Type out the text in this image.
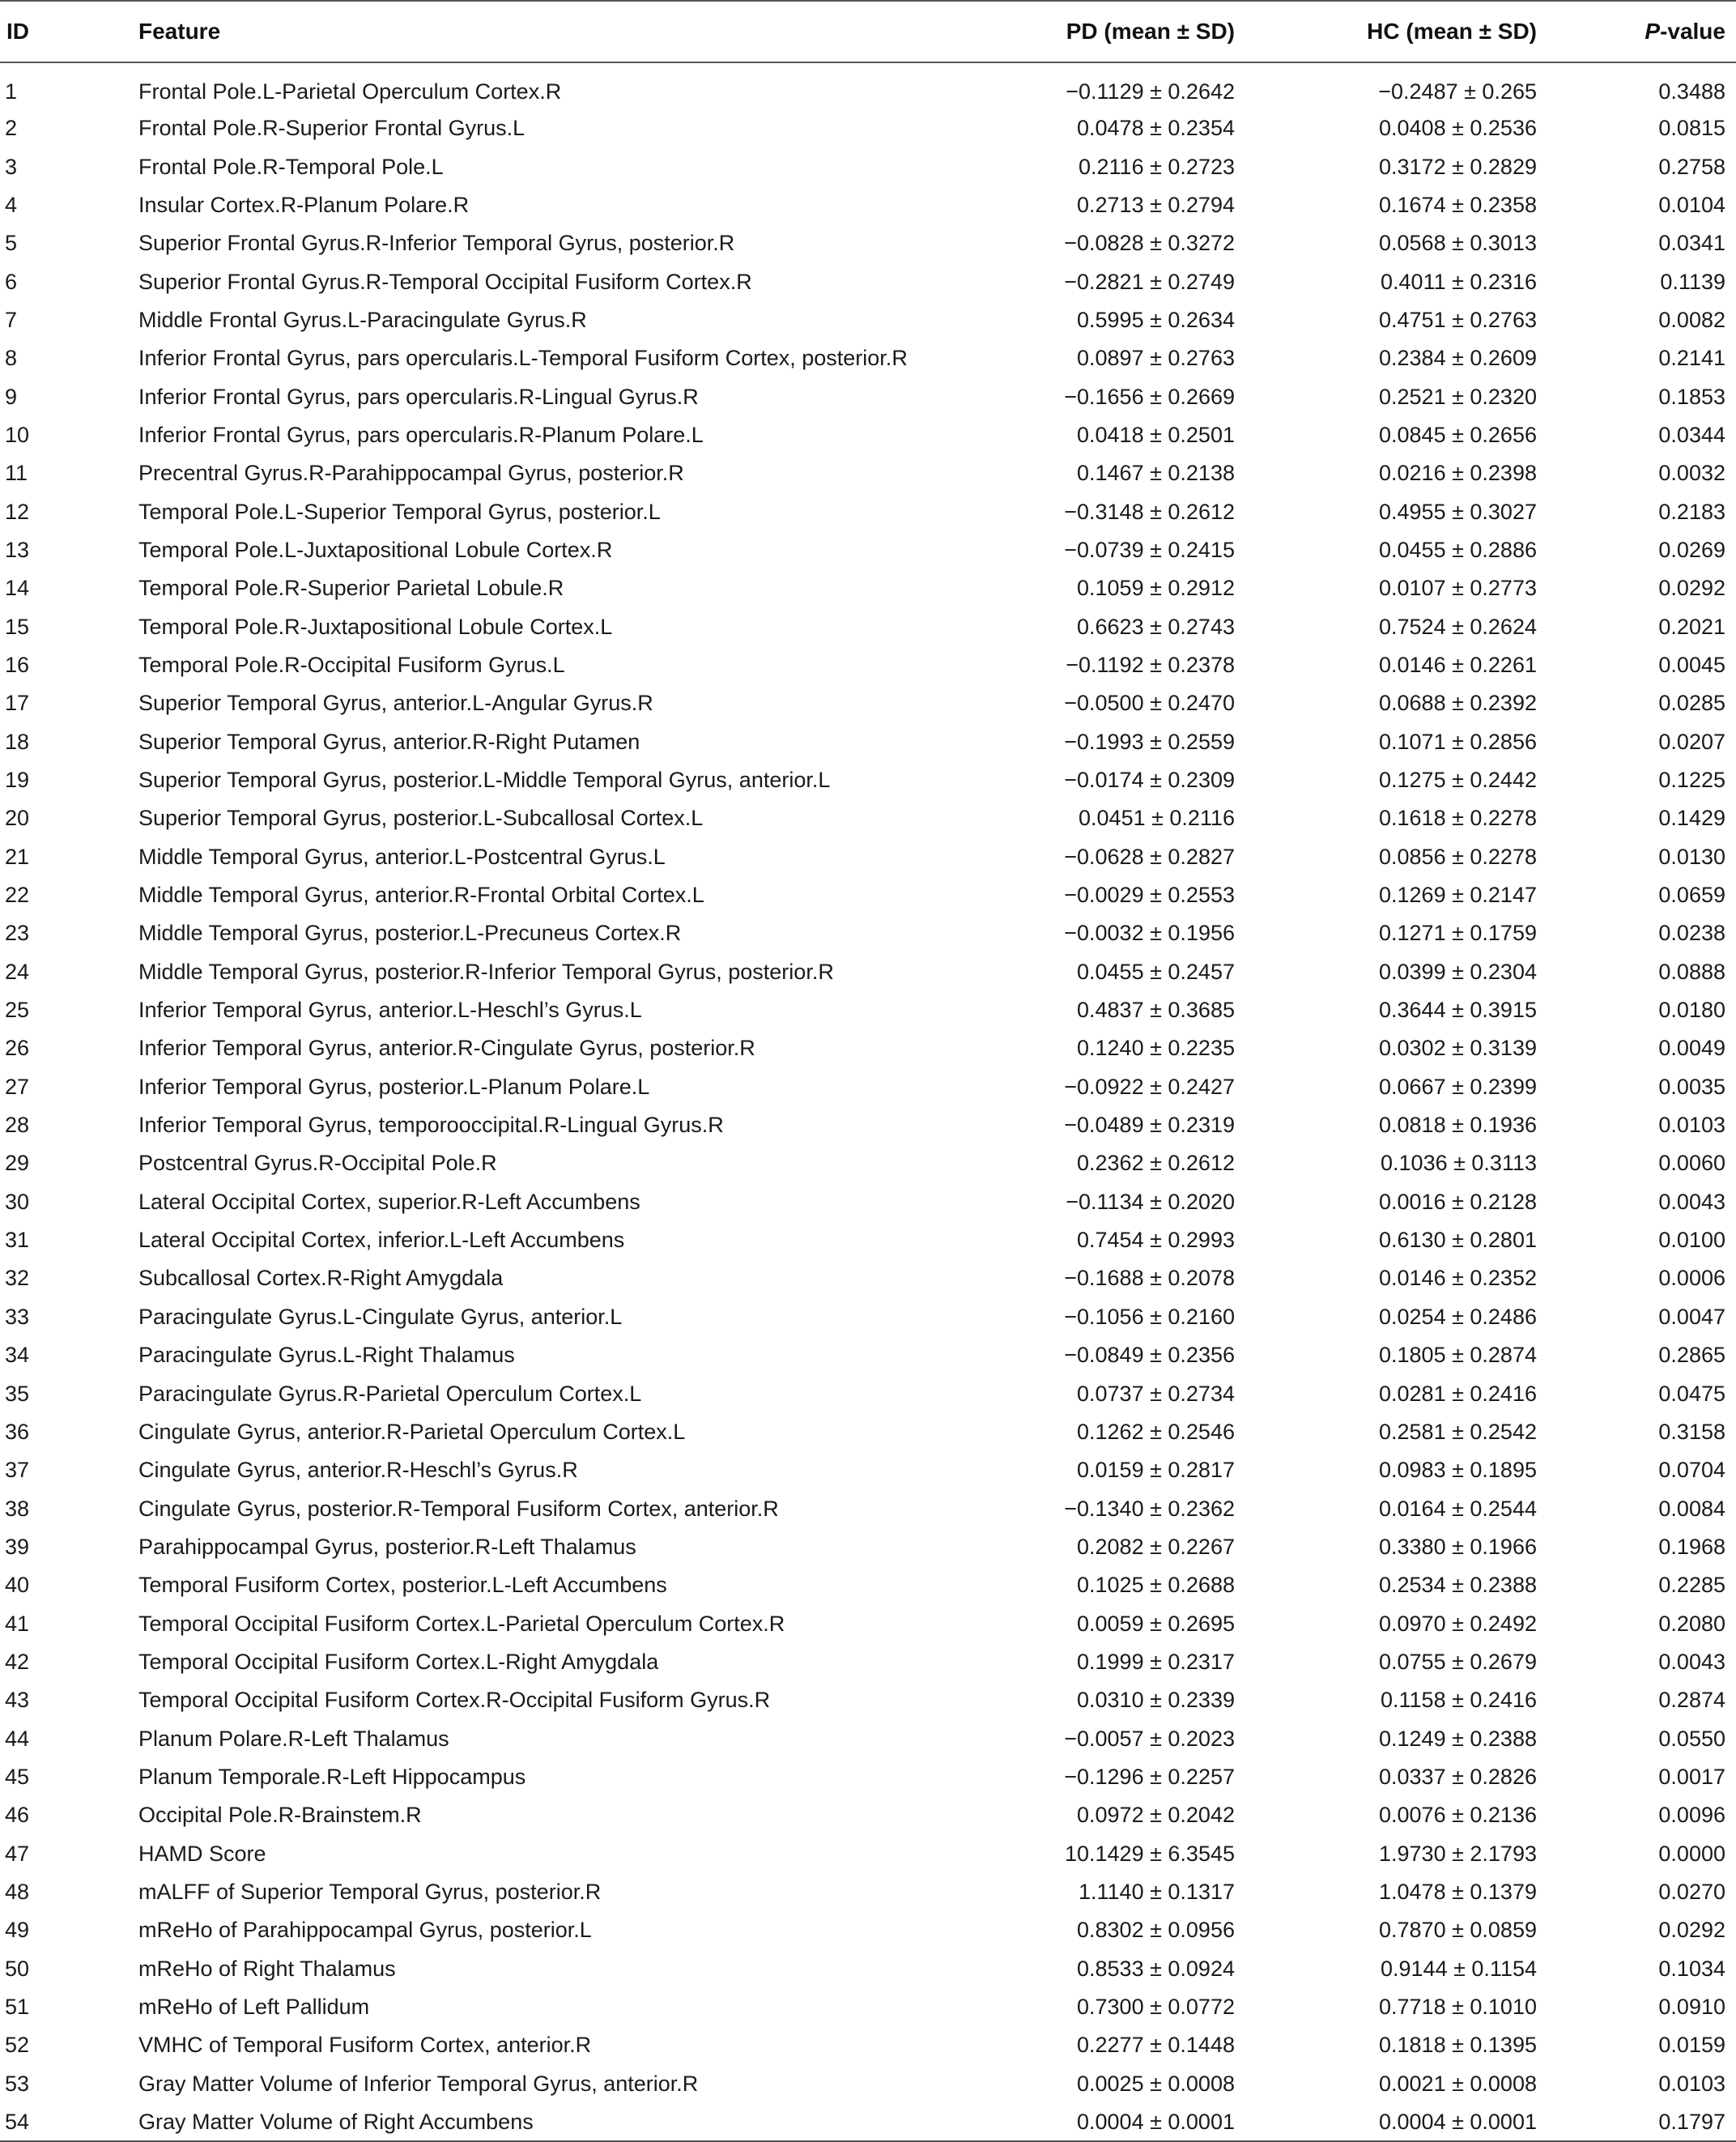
ID	Feature	PD (mean ± SD)	HC (mean ± SD)	P-value
1	Frontal Pole.L-Parietal Operculum Cortex.R	−0.1129 ± 0.2642	−0.2487 ± 0.265	0.3488
2	Frontal Pole.R-Superior Frontal Gyrus.L	0.0478 ± 0.2354	0.0408 ± 0.2536	0.0815
3	Frontal Pole.R-Temporal Pole.L	0.2116 ± 0.2723	0.3172 ± 0.2829	0.2758
4	Insular Cortex.R-Planum Polare.R	0.2713 ± 0.2794	0.1674 ± 0.2358	0.0104
5	Superior Frontal Gyrus.R-Inferior Temporal Gyrus, posterior.R	−0.0828 ± 0.3272	0.0568 ± 0.3013	0.0341
6	Superior Frontal Gyrus.R-Temporal Occipital Fusiform Cortex.R	−0.2821 ± 0.2749	0.4011 ± 0.2316	0.1139
7	Middle Frontal Gyrus.L-Paracingulate Gyrus.R	0.5995 ± 0.2634	0.4751 ± 0.2763	0.0082
8	Inferior Frontal Gyrus, pars opercularis.L-Temporal Fusiform Cortex, posterior.R	0.0897 ± 0.2763	0.2384 ± 0.2609	0.2141
9	Inferior Frontal Gyrus, pars opercularis.R-Lingual Gyrus.R	−0.1656 ± 0.2669	0.2521 ± 0.2320	0.1853
10	Inferior Frontal Gyrus, pars opercularis.R-Planum Polare.L	0.0418 ± 0.2501	0.0845 ± 0.2656	0.0344
11	Precentral Gyrus.R-Parahippocampal Gyrus, posterior.R	0.1467 ± 0.2138	0.0216 ± 0.2398	0.0032
12	Temporal Pole.L-Superior Temporal Gyrus, posterior.L	−0.3148 ± 0.2612	0.4955 ± 0.3027	0.2183
13	Temporal Pole.L-Juxtapositional Lobule Cortex.R	−0.0739 ± 0.2415	0.0455 ± 0.2886	0.0269
14	Temporal Pole.R-Superior Parietal Lobule.R	0.1059 ± 0.2912	0.0107 ± 0.2773	0.0292
15	Temporal Pole.R-Juxtapositional Lobule Cortex.L	0.6623 ± 0.2743	0.7524 ± 0.2624	0.2021
16	Temporal Pole.R-Occipital Fusiform Gyrus.L	−0.1192 ± 0.2378	0.0146 ± 0.2261	0.0045
17	Superior Temporal Gyrus, anterior.L-Angular Gyrus.R	−0.0500 ± 0.2470	0.0688 ± 0.2392	0.0285
18	Superior Temporal Gyrus, anterior.R-Right Putamen	−0.1993 ± 0.2559	0.1071 ± 0.2856	0.0207
19	Superior Temporal Gyrus, posterior.L-Middle Temporal Gyrus, anterior.L	−0.0174 ± 0.2309	0.1275 ± 0.2442	0.1225
20	Superior Temporal Gyrus, posterior.L-Subcallosal Cortex.L	0.0451 ± 0.2116	0.1618 ± 0.2278	0.1429
21	Middle Temporal Gyrus, anterior.L-Postcentral Gyrus.L	−0.0628 ± 0.2827	0.0856 ± 0.2278	0.0130
22	Middle Temporal Gyrus, anterior.R-Frontal Orbital Cortex.L	−0.0029 ± 0.2553	0.1269 ± 0.2147	0.0659
23	Middle Temporal Gyrus, posterior.L-Precuneus Cortex.R	−0.0032 ± 0.1956	0.1271 ± 0.1759	0.0238
24	Middle Temporal Gyrus, posterior.R-Inferior Temporal Gyrus, posterior.R	0.0455 ± 0.2457	0.0399 ± 0.2304	0.0888
25	Inferior Temporal Gyrus, anterior.L-Heschl’s Gyrus.L	0.4837 ± 0.3685	0.3644 ± 0.3915	0.0180
26	Inferior Temporal Gyrus, anterior.R-Cingulate Gyrus, posterior.R	0.1240 ± 0.2235	0.0302 ± 0.3139	0.0049
27	Inferior Temporal Gyrus, posterior.L-Planum Polare.L	−0.0922 ± 0.2427	0.0667 ± 0.2399	0.0035
28	Inferior Temporal Gyrus, temporooccipital.R-Lingual Gyrus.R	−0.0489 ± 0.2319	0.0818 ± 0.1936	0.0103
29	Postcentral Gyrus.R-Occipital Pole.R	0.2362 ± 0.2612	0.1036 ± 0.3113	0.0060
30	Lateral Occipital Cortex, superior.R-Left Accumbens	−0.1134 ± 0.2020	0.0016 ± 0.2128	0.0043
31	Lateral Occipital Cortex, inferior.L-Left Accumbens	0.7454 ± 0.2993	0.6130 ± 0.2801	0.0100
32	Subcallosal Cortex.R-Right Amygdala	−0.1688 ± 0.2078	0.0146 ± 0.2352	0.0006
33	Paracingulate Gyrus.L-Cingulate Gyrus, anterior.L	−0.1056 ± 0.2160	0.0254 ± 0.2486	0.0047
34	Paracingulate Gyrus.L-Right Thalamus	−0.0849 ± 0.2356	0.1805 ± 0.2874	0.2865
35	Paracingulate Gyrus.R-Parietal Operculum Cortex.L	0.0737 ± 0.2734	0.0281 ± 0.2416	0.0475
36	Cingulate Gyrus, anterior.R-Parietal Operculum Cortex.L	0.1262 ± 0.2546	0.2581 ± 0.2542	0.3158
37	Cingulate Gyrus, anterior.R-Heschl’s Gyrus.R	0.0159 ± 0.2817	0.0983 ± 0.1895	0.0704
38	Cingulate Gyrus, posterior.R-Temporal Fusiform Cortex, anterior.R	−0.1340 ± 0.2362	0.0164 ± 0.2544	0.0084
39	Parahippocampal Gyrus, posterior.R-Left Thalamus	0.2082 ± 0.2267	0.3380 ± 0.1966	0.1968
40	Temporal Fusiform Cortex, posterior.L-Left Accumbens	0.1025 ± 0.2688	0.2534 ± 0.2388	0.2285
41	Temporal Occipital Fusiform Cortex.L-Parietal Operculum Cortex.R	0.0059 ± 0.2695	0.0970 ± 0.2492	0.2080
42	Temporal Occipital Fusiform Cortex.L-Right Amygdala	0.1999 ± 0.2317	0.0755 ± 0.2679	0.0043
43	Temporal Occipital Fusiform Cortex.R-Occipital Fusiform Gyrus.R	0.0310 ± 0.2339	0.1158 ± 0.2416	0.2874
44	Planum Polare.R-Left Thalamus	−0.0057 ± 0.2023	0.1249 ± 0.2388	0.0550
45	Planum Temporale.R-Left Hippocampus	−0.1296 ± 0.2257	0.0337 ± 0.2826	0.0017
46	Occipital Pole.R-Brainstem.R	0.0972 ± 0.2042	0.0076 ± 0.2136	0.0096
47	HAMD Score	10.1429 ± 6.3545	1.9730 ± 2.1793	0.0000
48	mALFF of Superior Temporal Gyrus, posterior.R	1.1140 ± 0.1317	1.0478 ± 0.1379	0.0270
49	mReHo of Parahippocampal Gyrus, posterior.L	0.8302 ± 0.0956	0.7870 ± 0.0859	0.0292
50	mReHo of Right Thalamus	0.8533 ± 0.0924	0.9144 ± 0.1154	0.1034
51	mReHo of Left Pallidum	0.7300 ± 0.0772	0.7718 ± 0.1010	0.0910
52	VMHC of Temporal Fusiform Cortex, anterior.R	0.2277 ± 0.1448	0.1818 ± 0.1395	0.0159
53	Gray Matter Volume of Inferior Temporal Gyrus, anterior.R	0.0025 ± 0.0008	0.0021 ± 0.0008	0.0103
54	Gray Matter Volume of Right Accumbens	0.0004 ± 0.0001	0.0004 ± 0.0001	0.1797
